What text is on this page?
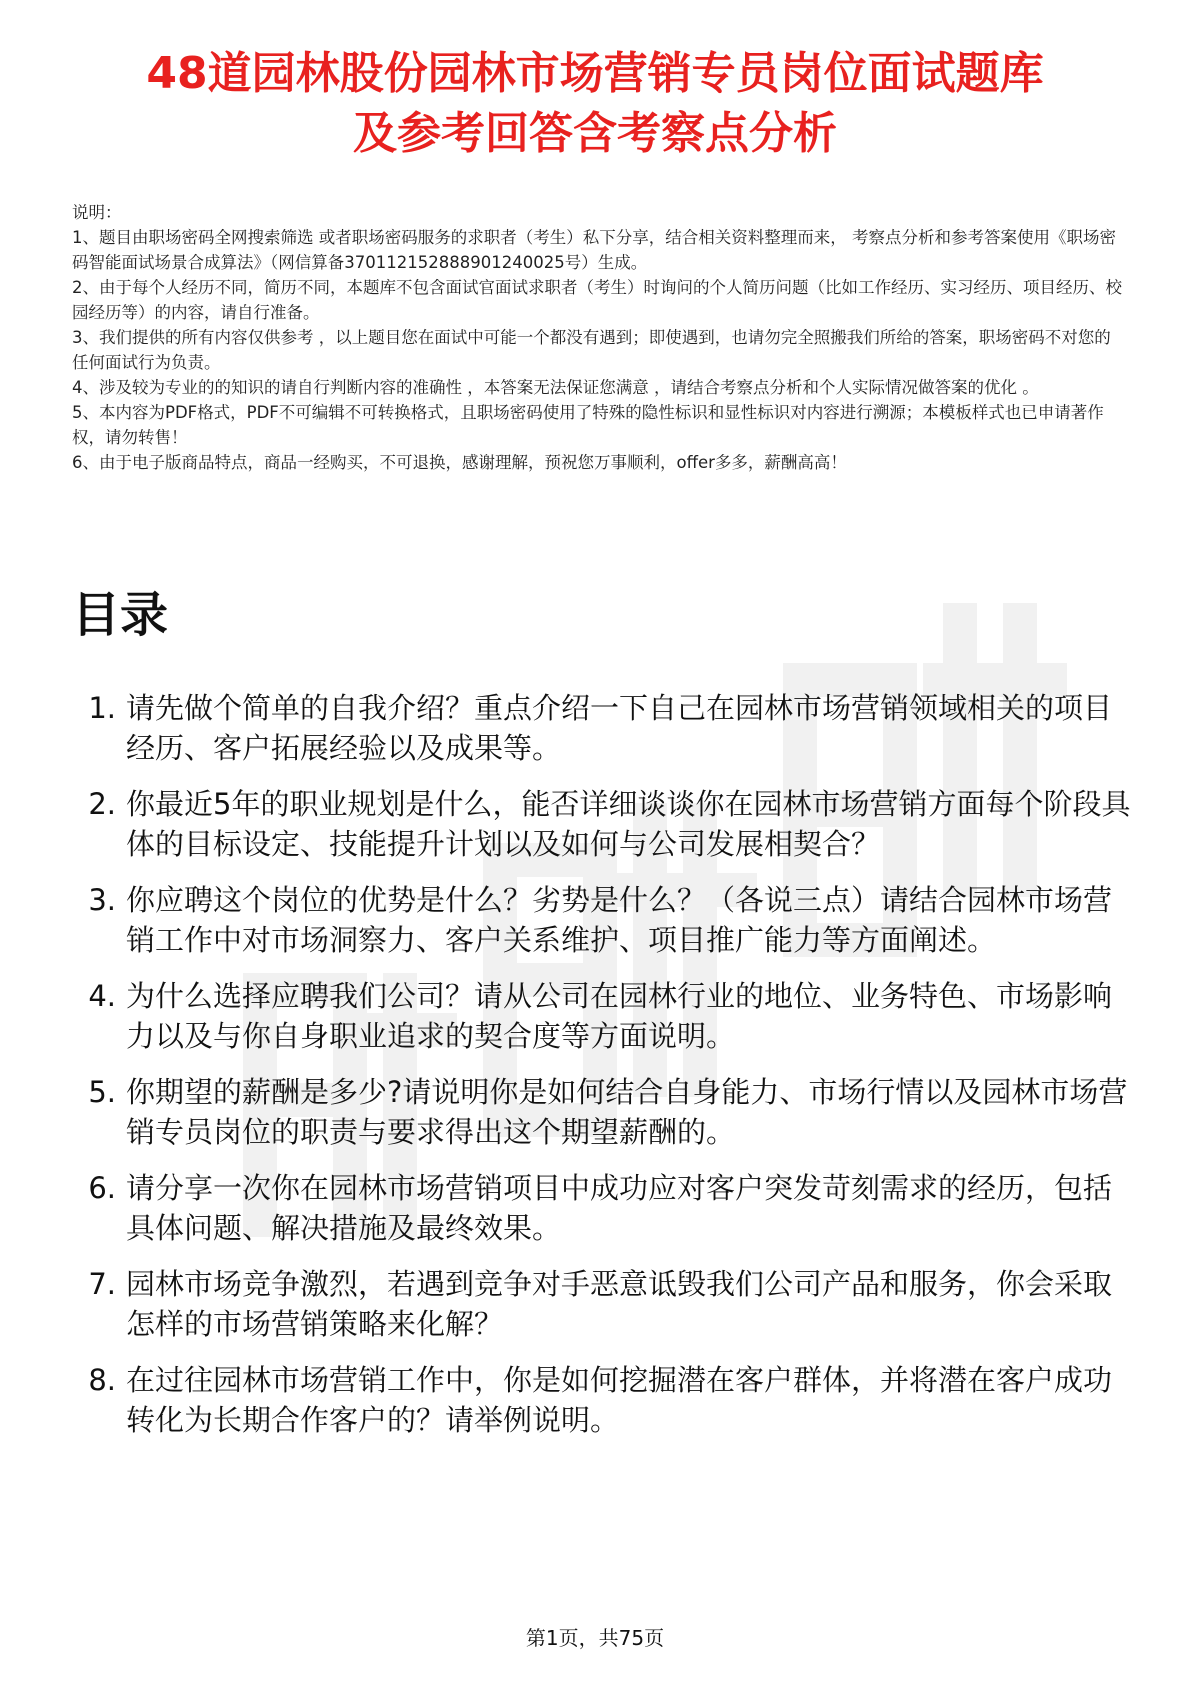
48道园林股份园林市场营销专员岗位面试题库
及参考回答含考察点分析

说明：

1、题目由职场密码全网搜索筛选 或者职场密码服务的求职者（考生）私下分享，结合相关资料整理而来， 考察点分析和参考答案使用《职场密码智能面试场景合成算法》（网信算备370112152888901240025号）生成。

2、由于每个人经历不同，简历不同，本题库不包含面试官面试求职者（考生）时询问的个人简历问题（比如工作经历、实习经历、项目经历、校园经历等）的内容，请自行准备。

3、我们提供的所有内容仅供参考 ，以上题目您在面试中可能一个都没有遇到；即使遇到，也请勿完全照搬我们所给的答案，职场密码不对您的任何面试行为负责。

4、涉及较为专业的的知识的请自行判断内容的准确性 ，本答案无法保证您满意 ，请结合考察点分析和个人实际情况做答案的优化 。

5、本内容为PDF格式，PDF不可编辑不可转换格式，且职场密码使用了特殊的隐性标识和显性标识对内容进行溯源；本模板样式也已申请著作权，请勿转售！

6、由于电子版商品特点，商品一经购买，不可退换，感谢理解，预祝您万事顺利，offer多多，薪酬高高！

目录
1. 请先做个简单的自我介绍？重点介绍一下自己在园林市场营销领域相关的项目经历、客户拓展经验以及成果等。
2. 你最近5年的职业规划是什么，能否详细谈谈你在园林市场营销方面每个阶段具体的目标设定、技能提升计划以及如何与公司发展相契合？
3. 你应聘这个岗位的优势是什么？劣势是什么？（各说三点）请结合园林市场营销工作中对市场洞察力、客户关系维护、项目推广能力等方面阐述。
4. 为什么选择应聘我们公司？请从公司在园林行业的地位、业务特色、市场影响力以及与你自身职业追求的契合度等方面说明。
5. 你期望的薪酬是多少?请说明你是如何结合自身能力、市场行情以及园林市场营销专员岗位的职责与要求得出这个期望薪酬的。
6. 请分享一次你在园林市场营销项目中成功应对客户突发苛刻需求的经历，包括具体问题、解决措施及最终效果。
7. 园林市场竞争激烈，若遇到竞争对手恶意诋毁我们公司产品和服务，你会采取怎样的市场营销策略来化解？
8. 在过往园林市场营销工作中，你是如何挖掘潜在客户群体，并将潜在客户成功转化为长期合作客户的？请举例说明。
第1页，共75页
